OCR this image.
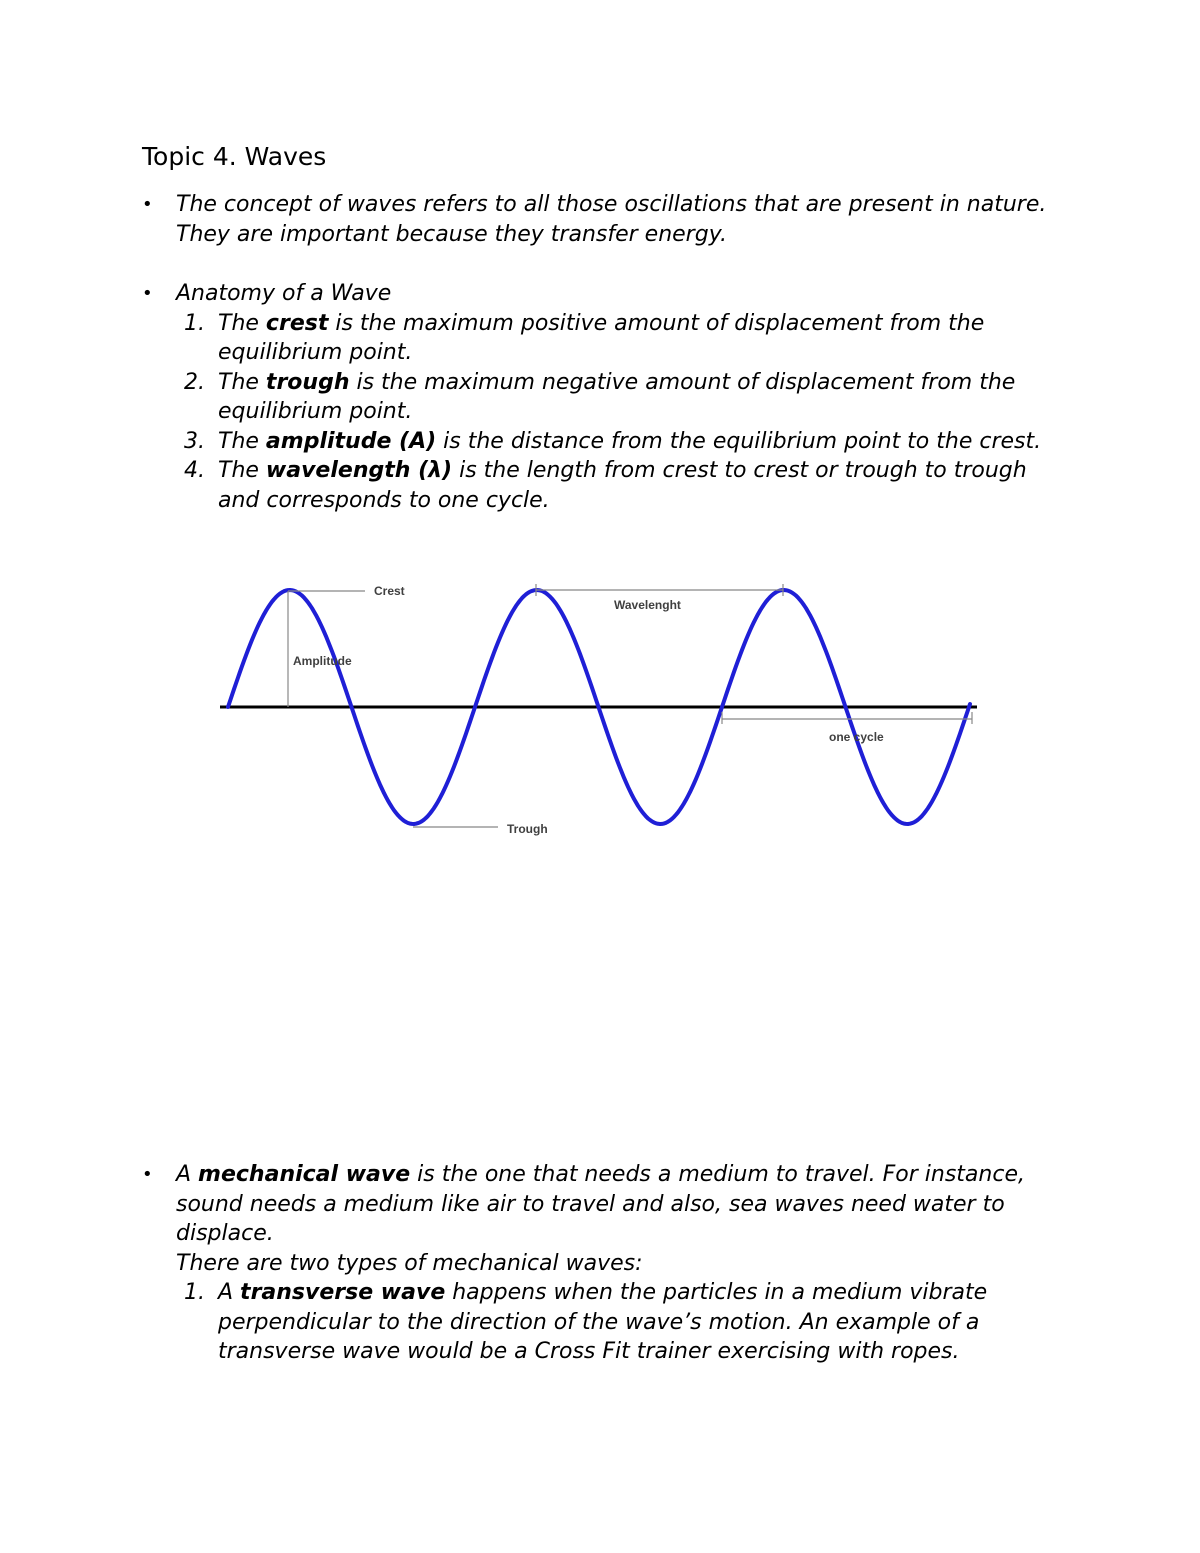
Topic 4. Waves
• The concept of waves refers to all those oscillations that are present in nature. They are important because they transfer energy.
• Anatomy of a Wave
1. The crest is the maximum positive amount of displacement from the equilibrium point.
2. The trough is the maximum negative amount of displacement from the equilibrium point.
3. The amplitude (A) is the distance from the equilibrium point to the crest.
4. The wavelength (λ) is the length from crest to crest or trough to trough and corresponds to one cycle.
Crest
Amplitude
Wavelenght
one cycle
Trough
• A mechanical wave is the one that needs a medium to travel. For instance, sound needs a medium like air to travel and also, sea waves need water to displace.
There are two types of mechanical waves:
1. A transverse wave happens when the particles in a medium vibrate perpendicular to the direction of the wave’s motion. An example of a transverse wave would be a Cross Fit trainer exercising with ropes.
